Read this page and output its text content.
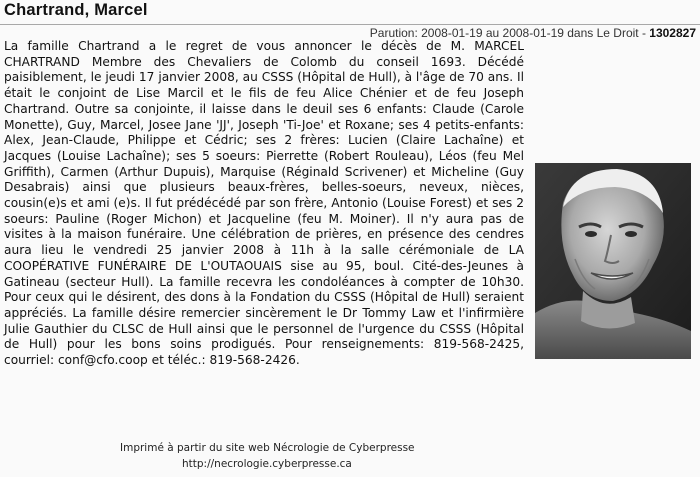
Chartrand, Marcel
Parution: 2008-01-19 au 2008-01-19 dans Le Droit - 1302827
La famille Chartrand a le regret de vous annoncer le décès de M. MARCEL CHARTRAND Membre des Chevaliers de Colomb du conseil 1693. Décédé paisiblement, le jeudi 17 janvier 2008, au CSSS (Hôpital de Hull), à l'âge de 70 ans. Il était le conjoint de Lise Marcil et le fils de feu Alice Chénier et de feu Joseph Chartrand. Outre sa conjointe, il laisse dans le deuil ses 6 enfants: Claude (Carole Monette), Guy, Marcel, Josee Jane 'JJ', Joseph 'Ti-Joe' et Roxane; ses 4 petits-enfants: Alex, Jean-Claude, Philippe et Cédric; ses 2 frères: Lucien (Claire Lachaîne) et Jacques (Louise Lachaîne); ses 5 soeurs: Pierrette (Robert Rouleau), Léos (feu Mel Griffith), Carmen (Arthur Dupuis), Marquise (Réginald Scrivener) et Micheline (Guy Desabrais) ainsi que plusieurs beaux-frères, belles-soeurs, neveux, nièces, cousin(e)s et ami (e)s. Il fut prédécédé par son frère, Antonio (Louise Forest) et ses 2 soeurs: Pauline (Roger Michon) et Jacqueline (feu M. Moiner). Il n'y aura pas de visites à la maison funéraire. Une célébration de prières, en présence des cendres aura lieu le vendredi 25 janvier 2008 à 11h à la salle cérémoniale de LA COOPÉRATIVE FUNÉRAIRE DE L'OUTAOUAIS sise au 95, boul. Cité-des-Jeunes à Gatineau (secteur Hull). La famille recevra les condoléances à compter de 10h30. Pour ceux qui le désirent, des dons à la Fondation du CSSS (Hôpital de Hull) seraient appréciés. La famille désire remercier sincèrement le Dr Tommy Law et l'infirmière Julie Gauthier du CLSC de Hull ainsi que le personnel de l'urgence du CSSS (Hôpital de Hull) pour les bons soins prodigués. Pour renseignements: 819-568-2425, courriel: conf@cfo.coop et téléc.: 819-568-2426.
Imprimé à partir du site web Nécrologie de Cyberpresse
http://necrologie.cyberpresse.ca
